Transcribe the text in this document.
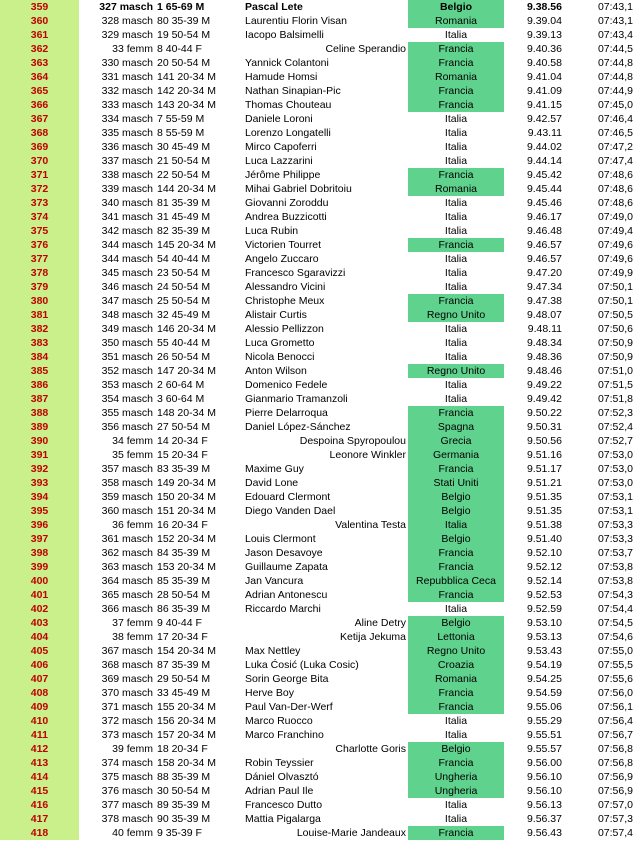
359	327 masch	1 65-69 M	Pascal Lete	Belgio	9.38.56	07:43,1
360	328 masch	80 35-39 M	Laurentiu Florin Visan	Romania	9.39.04	07:43,1
361	329 masch	19 50-54 M	Iacopo Balsimelli	Italia	9.39.13	07:43,4
362	33 femm	8 40-44 F	Celine Sperandio	Francia	9.40.36	07:44,5
363	330 masch	20 50-54 M	Yannick Colantoni	Francia	9.40.58	07:44,8
364	331 masch	141 20-34 M	Hamude Homsi	Romania	9.41.04	07:44,8
365	332 masch	142 20-34 M	Nathan Sinapian-Pic	Francia	9.41.09	07:44,9
366	333 masch	143 20-34 M	Thomas Chouteau	Francia	9.41.15	07:45,0
367	334 masch	7 55-59 M	Daniele Loroni	Italia	9.42.57	07:46,4
368	335 masch	8 55-59 M	Lorenzo Longatelli	Italia	9.43.11	07:46,5
369	336 masch	30 45-49 M	Mirco Capoferri	Italia	9.44.02	07:47,2
370	337 masch	21 50-54 M	Luca Lazzarini	Italia	9.44.14	07:47,4
371	338 masch	22 50-54 M	Jérôme Philippe	Francia	9.45.42	07:48,6
372	339 masch	144 20-34 M	Mihai Gabriel Dobritoiu	Romania	9.45.44	07:48,6
373	340 masch	81 35-39 M	Giovanni Zoroddu	Italia	9.45.46	07:48,6
374	341 masch	31 45-49 M	Andrea Buzzicotti	Italia	9.46.17	07:49,0
375	342 masch	82 35-39 M	Luca Rubin	Italia	9.46.48	07:49,4
376	344 masch	145 20-34 M	Victorien Tourret	Francia	9.46.57	07:49,6
377	344 masch	54 40-44 M	Angelo Zuccaro	Italia	9.46.57	07:49,6
378	345 masch	23 50-54 M	Francesco Sgaravizzi	Italia	9.47.20	07:49,9
379	346 masch	24 50-54 M	Alessandro Vicini	Italia	9.47.34	07:50,1
380	347 masch	25 50-54 M	Christophe Meux	Francia	9.47.38	07:50,1
381	348 masch	32 45-49 M	Alistair Curtis	Regno Unito	9.48.07	07:50,5
382	349 masch	146 20-34 M	Alessio Pellizzon	Italia	9.48.11	07:50,6
383	350 masch	55 40-44 M	Luca Grometto	Italia	9.48.34	07:50,9
384	351 masch	26 50-54 M	Nicola Benocci	Italia	9.48.36	07:50,9
385	352 masch	147 20-34 M	Anton Wilson	Regno Unito	9.48.46	07:51,0
386	353 masch	2 60-64 M	Domenico Fedele	Italia	9.49.22	07:51,5
387	354 masch	3 60-64 M	Gianmario Tramanzoli	Italia	9.49.42	07:51,8
388	355 masch	148 20-34 M	Pierre Delarroqua	Francia	9.50.22	07:52,3
389	356 masch	27 50-54 M	Daniel López-Sánchez	Spagna	9.50.31	07:52,4
390	34 femm	14 20-34 F	Despoina Spyropoulou	Grecia	9.50.56	07:52,7
391	35 femm	15 20-34 F	Leonore Winkler	Germania	9.51.16	07:53,0
392	357 masch	83 35-39 M	Maxime Guy	Francia	9.51.17	07:53,0
393	358 masch	149 20-34 M	David Lone	Stati Uniti	9.51.21	07:53,0
394	359 masch	150 20-34 M	Edouard Clermont	Belgio	9.51.35	07:53,1
395	360 masch	151 20-34 M	Diego Vanden Dael	Belgio	9.51.35	07:53,1
396	36 femm	16 20-34 F	Valentina Testa	Italia	9.51.38	07:53,3
397	361 masch	152 20-34 M	Louis Clermont	Belgio	9.51.40	07:53,3
398	362 masch	84 35-39 M	Jason Desavoye	Francia	9.52.10	07:53,7
399	363 masch	153 20-34 M	Guillaume Zapata	Francia	9.52.12	07:53,8
400	364 masch	85 35-39 M	Jan Vancura	Repubblica Ceca	9.52.14	07:53,8
401	365 masch	28 50-54 M	Adrian Antonescu	Francia	9.52.53	07:54,3
402	366 masch	86 35-39 M	Riccardo Marchi	Italia	9.52.59	07:54,4
403	37 femm	9 40-44 F	Aline Detry	Belgio	9.53.10	07:54,5
404	38 femm	17 20-34 F	Ketija Jekuma	Lettonia	9.53.13	07:54,6
405	367 masch	154 20-34 M	Max Nettley	Regno Unito	9.53.43	07:55,0
406	368 masch	87 35-39 M	Luka Ćosić (Luka Cosic)	Croazia	9.54.19	07:55,5
407	369 masch	29 50-54 M	Sorin George Bita	Romania	9.54.25	07:55,6
408	370 masch	33 45-49 M	Herve Boy	Francia	9.54.59	07:56,0
409	371 masch	155 20-34 M	Paul Van-Der-Werf	Francia	9.55.06	07:56,1
410	372 masch	156 20-34 M	Marco Ruocco	Italia	9.55.29	07:56,4
411	373 masch	157 20-34 M	Marco Franchino	Italia	9.55.51	07:56,7
412	39 femm	18 20-34 F	Charlotte Goris	Belgio	9.55.57	07:56,8
413	374 masch	158 20-34 M	Robin Teyssier	Francia	9.56.00	07:56,8
414	375 masch	88 35-39 M	Dániel Olvasztó	Ungheria	9.56.10	07:56,9
415	376 masch	30 50-54 M	Adrian Paul Ile	Ungheria	9.56.10	07:56,9
416	377 masch	89 35-39 M	Francesco Dutto	Italia	9.56.13	07:57,0
417	378 masch	90 35-39 M	Mattia Pigalarga	Italia	9.56.37	07:57,3
418	40 femm	9 35-39 F	Louise-Marie Jandeaux	Francia	9.56.43	07:57,4
